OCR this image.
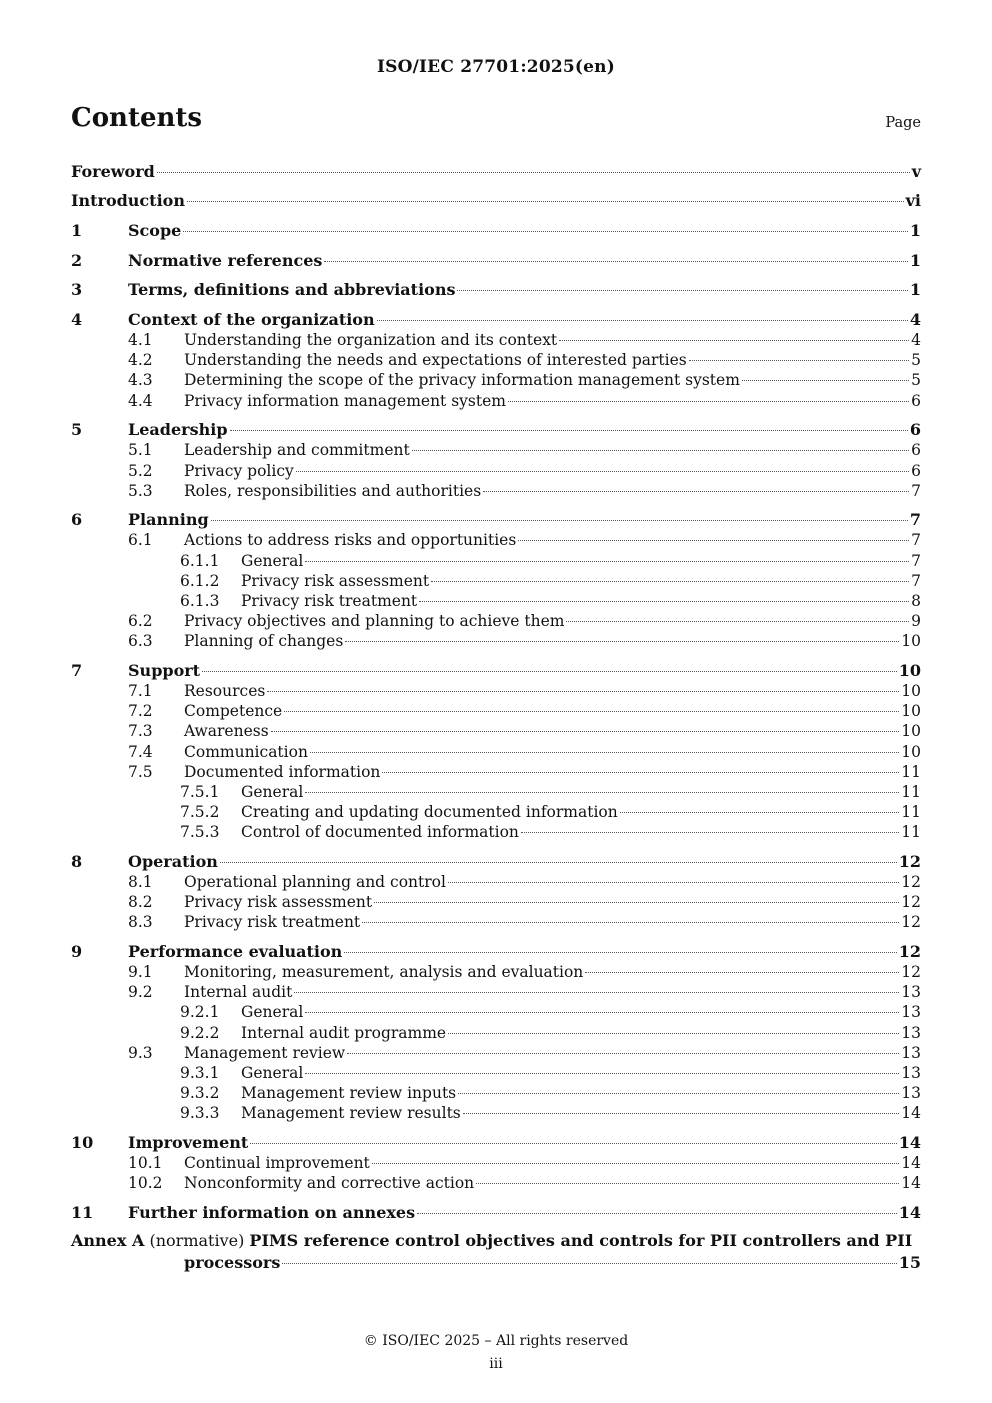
ISO/IEC 27701:2025(en)
Contents	Page
Foreword	v
Introduction	vi
1	Scope	1
2	Normative references	1
3	Terms, definitions and abbreviations	1
4	Context of the organization	4
4.1 Understanding the organization and its context	4
4.2 Understanding the needs and expectations of interested parties	5
4.3 Determining the scope of the privacy information management system	5
4.4 Privacy information management system	6
5	Leadership	6
5.1 Leadership and commitment	6
5.2 Privacy policy	6
5.3 Roles, responsibilities and authorities	7
6	Planning	7
6.1 Actions to address risks and opportunities	7
6.1.1 General	7
6.1.2 Privacy risk assessment	7
6.1.3 Privacy risk treatment	8
6.2 Privacy objectives and planning to achieve them	9
6.3 Planning of changes	10
7	Support	10
7.1 Resources	10
7.2 Competence	10
7.3 Awareness	10
7.4 Communication	10
7.5 Documented information	11
7.5.1 General	11
7.5.2 Creating and updating documented information	11
7.5.3 Control of documented information	11
8	Operation	12
8.1 Operational planning and control	12
8.2 Privacy risk assessment	12
8.3 Privacy risk treatment	12
9	Performance evaluation	12
9.1 Monitoring, measurement, analysis and evaluation	12
9.2 Internal audit	13
9.2.1 General	13
9.2.2 Internal audit programme	13
9.3 Management review	13
9.3.1 General	13
9.3.2 Management review inputs	13
9.3.3 Management review results	14
10 Improvement	14
10.1 Continual improvement	14
10.2 Nonconformity and corrective action	14
11 Further information on annexes	14
Annex A (normative) PIMS reference control objectives and controls for PII controllers and PII
processors	15
© ISO/IEC 2025 – All rights reserved
iii
